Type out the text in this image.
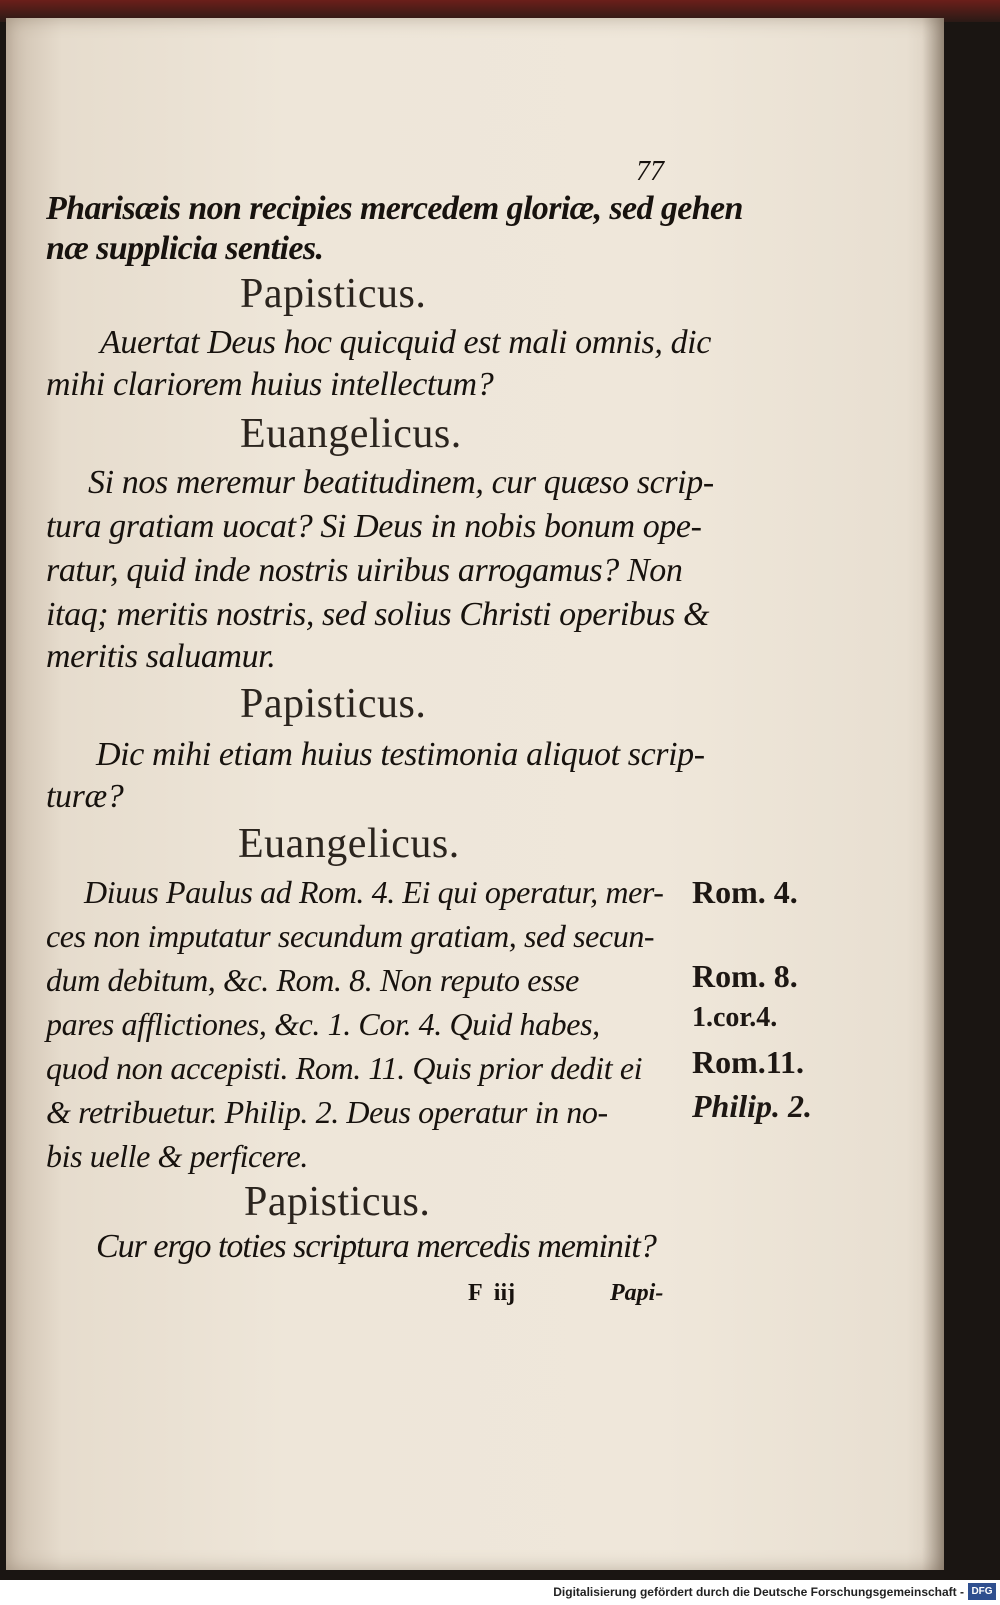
77
Pharisæis non recipies mercedem gloriæ, sed gehen
næ supplicia senties.
Papisticus.
Auertat Deus hoc quicquid est mali omnis, dic
mihi clariorem huius intellectum?
Euangelicus.
Si nos meremur beatitudinem, cur quæso scrip-
tura gratiam uocat? Si Deus in nobis bonum ope-
ratur, quid inde nostris uiribus arrogamus? Non
itaq; meritis nostris, sed solius Christi operibus &
meritis saluamur.
Papisticus.
Dic mihi etiam huius testimonia aliquot scrip-
turæ?
Euangelicus.
Diuus Paulus ad Rom. 4. Ei qui operatur, mer-
ces non imputatur secundum gratiam, sed secun-
dum debitum, &c. Rom. 8. Non reputo esse
pares afflictiones, &c. 1. Cor. 4. Quid habes,
quod non accepisti. Rom. 11. Quis prior dedit ei
& retribuetur. Philip. 2. Deus operatur in no-
bis uelle & perficere.
Rom. 4.
Rom. 8.
1.cor.4.
Rom.11.
Philip. 2.
Papisticus.
Cur ergo toties scriptura mercedis meminit?
F  iij	Papi-
Digitalisierung gefördert durch die Deutsche Forschungsgemeinschaft - DFG
